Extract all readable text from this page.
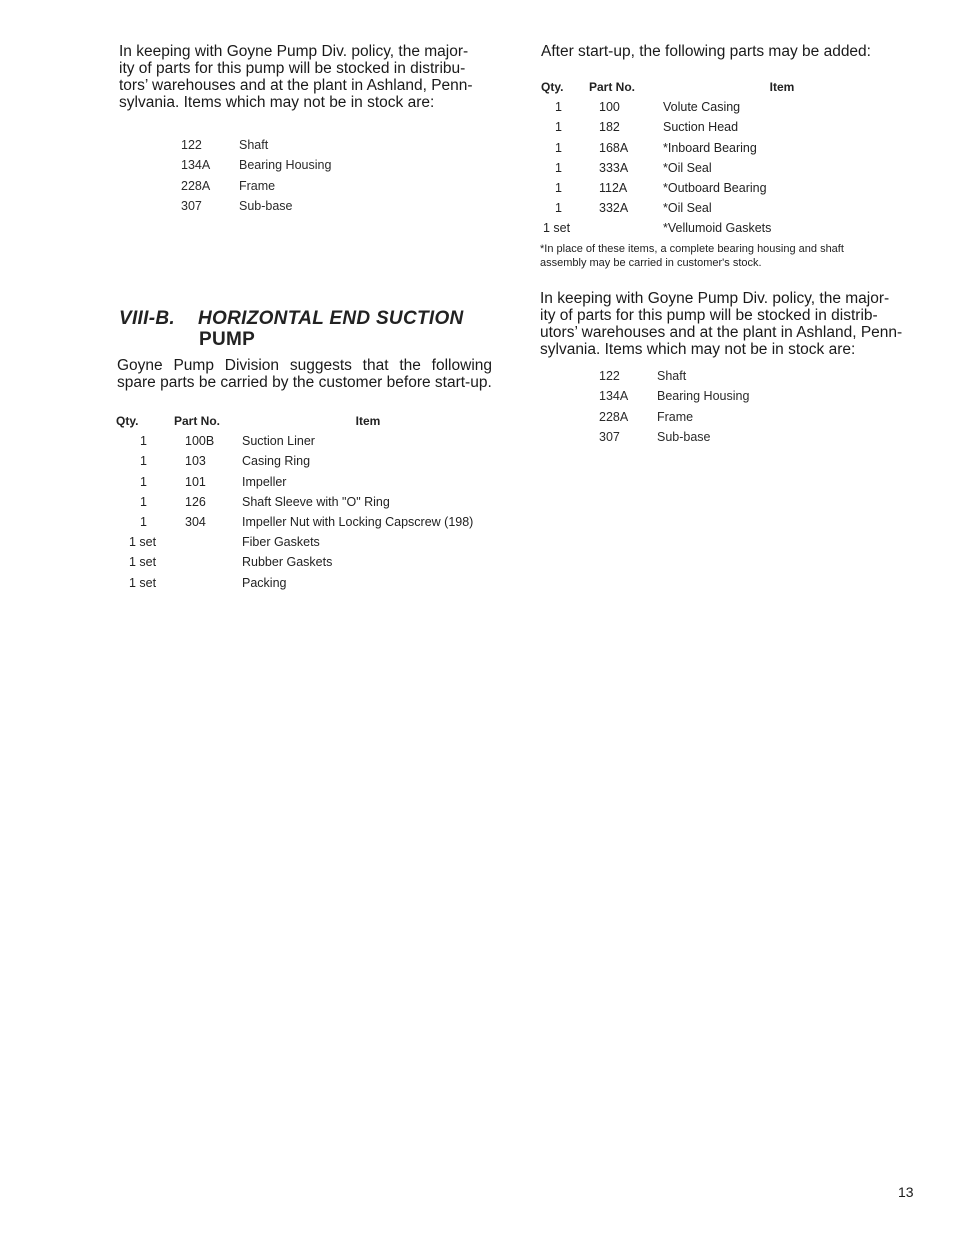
In keeping with Goyne Pump Div. policy, the major-

ity of parts for this pump will be stocked in distribu-

tors’ warehouses and at the plant in Ashland, Penn-

sylvania. Items which may not be in stock are:

122	Shaft
134A	Bearing Housing
228A	Frame
307	Sub-base
VIII-B. HORIZONTAL END SUCTION
PUMP

Goyne Pump Division suggests that the following spare parts be carried by the customer before start-up.

Qty.	Part No.	Item
1	100B	Suction Liner
1	103	Casing Ring
1	101	Impeller
1	126	Shaft Sleeve with "O" Ring
1	304	Impeller Nut with Locking Capscrew (198)
1 set		Fiber Gaskets
1 set		Rubber Gaskets
1 set		Packing

After start-up, the following parts may be added:

Qty.	Part No.	Item
1	100	Volute Casing
1	182	Suction Head
1	168A	*Inboard Bearing
1	333A	*Oil Seal
1	112A	*Outboard Bearing
1	332A	*Oil Seal
1 set		*Vellumoid Gaskets

*In place of these items, a complete bearing housing and shaft

assembly may be carried in customer's stock.

In keeping with Goyne Pump Div. policy, the major-

ity of parts for this pump will be stocked in distrib-

utors’ warehouses and at the plant in Ashland, Penn-

sylvania. Items which may not be in stock are:

122	Shaft
134A	Bearing Housing
228A	Frame
307	Sub-base
13
